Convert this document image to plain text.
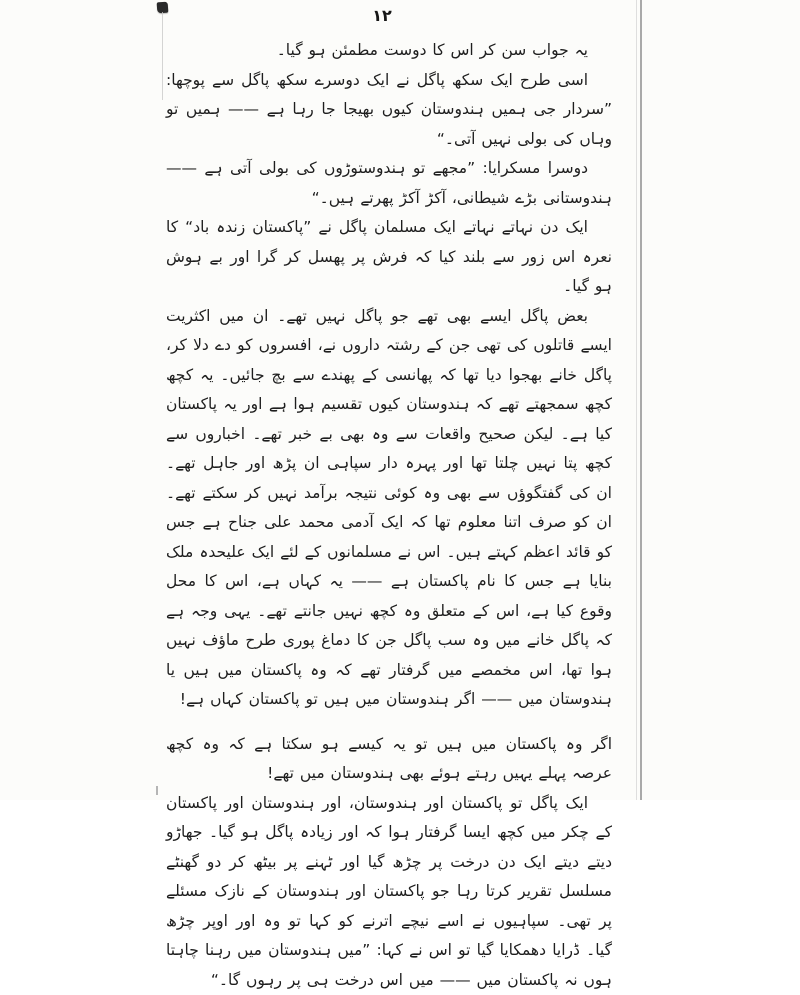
۱۲

یہ جواب سن کر اس کا دوست مطمئن ہو گیا۔

اسی طرح ایک سکھ پاگل نے ایک دوسرے سکھ پاگل سے پوچھا: ”سردار جی ہمیں ہندوستان کیوں بھیجا جا رہا ہے —— ہمیں تو وہاں کی بولی نہیں آتی۔“

دوسرا مسکرایا: ”مجھے تو ہندوستوڑوں کی بولی آتی ہے —— ہندوستانی بڑے شیطانی، آکڑ آکڑ پھرتے ہیں۔“

ایک دن نہاتے نہاتے ایک مسلمان پاگل نے ”پاکستان زندہ باد“ کا نعرہ اس زور سے بلند کیا کہ فرش پر پھسل کر گرا اور بے ہوش ہو گیا۔

بعض پاگل ایسے بھی تھے جو پاگل نہیں تھے۔ ان میں اکثریت ایسے قاتلوں کی تھی جن کے رشتہ داروں نے، افسروں کو دے دلا کر، پاگل خانے بھجوا دیا تھا کہ پھانسی کے پھندے سے بچ جائیں۔ یہ کچھ کچھ سمجھتے تھے کہ ہندوستان کیوں تقسیم ہوا ہے اور یہ پاکستان کیا ہے۔ لیکن صحیح واقعات سے وہ بھی بے خبر تھے۔ اخباروں سے کچھ پتا نہیں چلتا تھا اور پہرہ دار سپاہی ان پڑھ اور جاہل تھے۔ ان کی گفتگوؤں سے بھی وہ کوئی نتیجہ برآمد نہیں کر سکتے تھے۔ ان کو صرف اتنا معلوم تھا کہ ایک آدمی محمد علی جناح ہے جس کو قائد اعظم کہتے ہیں۔ اس نے مسلمانوں کے لئے ایک علیحدہ ملک بنایا ہے جس کا نام پاکستان ہے —— یہ کہاں ہے، اس کا محل وقوع کیا ہے، اس کے متعلق وہ کچھ نہیں جانتے تھے۔ یہی وجہ ہے کہ پاگل خانے میں وہ سب پاگل جن کا دماغ پوری طرح ماؤف نہیں ہوا تھا، اس مخمصے میں گرفتار تھے کہ وہ پاکستان میں ہیں یا ہندوستان میں —— اگر ہندوستان میں ہیں تو پاکستان کہاں ہے!

اگر وہ پاکستان میں ہیں تو یہ کیسے ہو سکتا ہے کہ وہ کچھ عرصہ پہلے یہیں رہتے ہوئے بھی ہندوستان میں تھے!

ایک پاگل تو پاکستان اور ہندوستان، اور ہندوستان اور پاکستان کے چکر میں کچھ ایسا گرفتار ہوا کہ اور زیادہ پاگل ہو گیا۔ جھاڑو دیتے دیتے ایک دن درخت پر چڑھ گیا اور ٹہنے پر بیٹھ کر دو گھنٹے مسلسل تقریر کرتا رہا جو پاکستان اور ہندوستان کے نازک مسئلے پر تھی۔ سپاہیوں نے اسے نیچے اترنے کو کہا تو وہ اور اوپر چڑھ گیا۔ ڈرایا دھمکایا گیا تو اس نے کہا: ”میں ہندوستان میں رہنا چاہتا ہوں نہ پاکستان میں —— میں اس درخت ہی پر رہوں گا۔“
